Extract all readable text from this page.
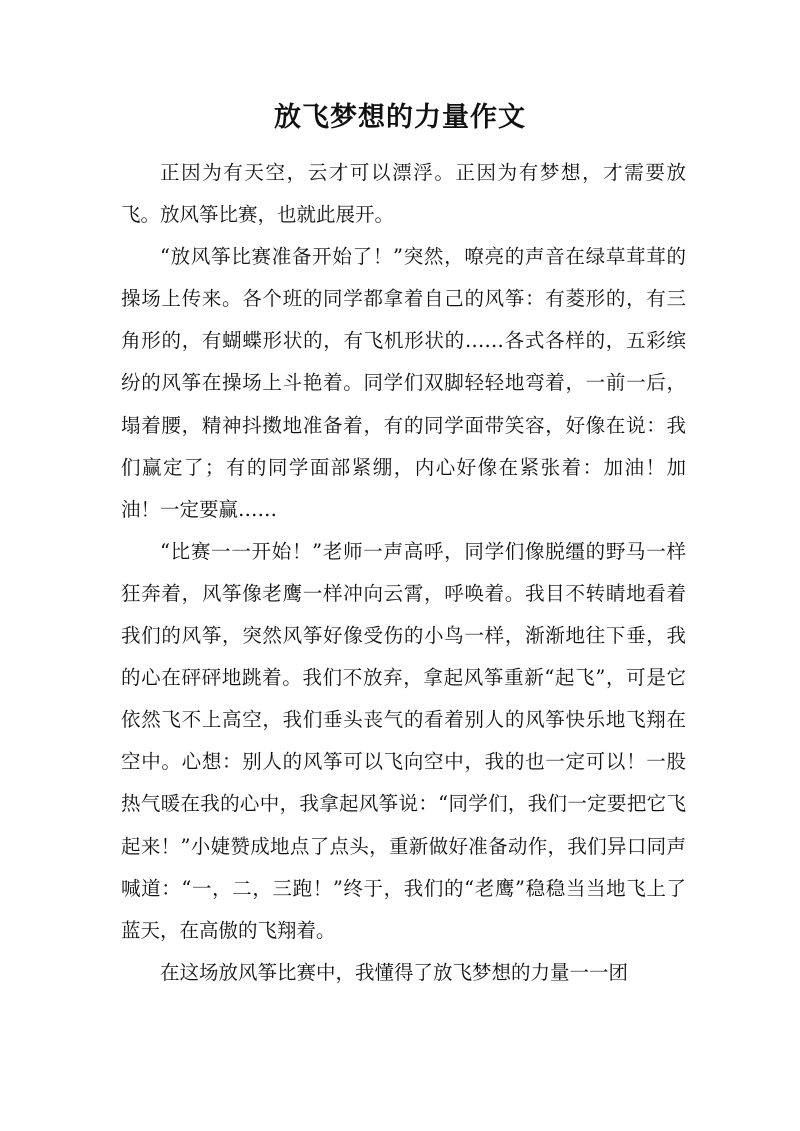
放飞梦想的力量作文

正因为有天空，云才可以漂浮。正因为有梦想，才需要放飞。放风筝比赛，也就此展开。

“放风筝比赛准备开始了！”突然，嘹亮的声音在绿草茸茸的操场上传来。各个班的同学都拿着自己的风筝：有菱形的，有三角形的，有蝴蝶形状的，有飞机形状的……各式各样的，五彩缤纷的风筝在操场上斗艳着。同学们双脚轻轻地弯着，一前一后，塌着腰，精神抖擞地准备着，有的同学面带笑容，好像在说：我们赢定了；有的同学面部紧绷，内心好像在紧张着：加油！加油！一定要赢……

“比赛一一开始！”老师一声高呼，同学们像脱缰的野马一样狂奔着，风筝像老鹰一样冲向云霄，呼唤着。我目不转睛地看着我们的风筝，突然风筝好像受伤的小鸟一样，渐渐地往下垂，我的心在砰砰地跳着。我们不放弃，拿起风筝重新“起飞”，可是它依然飞不上高空，我们垂头丧气的看着别人的风筝快乐地飞翔在空中。心想：别人的风筝可以飞向空中，我的也一定可以！一股热气暖在我的心中，我拿起风筝说：“同学们，我们一定要把它飞起来！”小婕赞成地点了点头，重新做好准备动作，我们异口同声喊道：“一，二，三跑！”终于，我们的“老鹰”稳稳当当地飞上了蓝天，在高傲的飞翔着。

在这场放风筝比赛中，我懂得了放飞梦想的力量一一团
